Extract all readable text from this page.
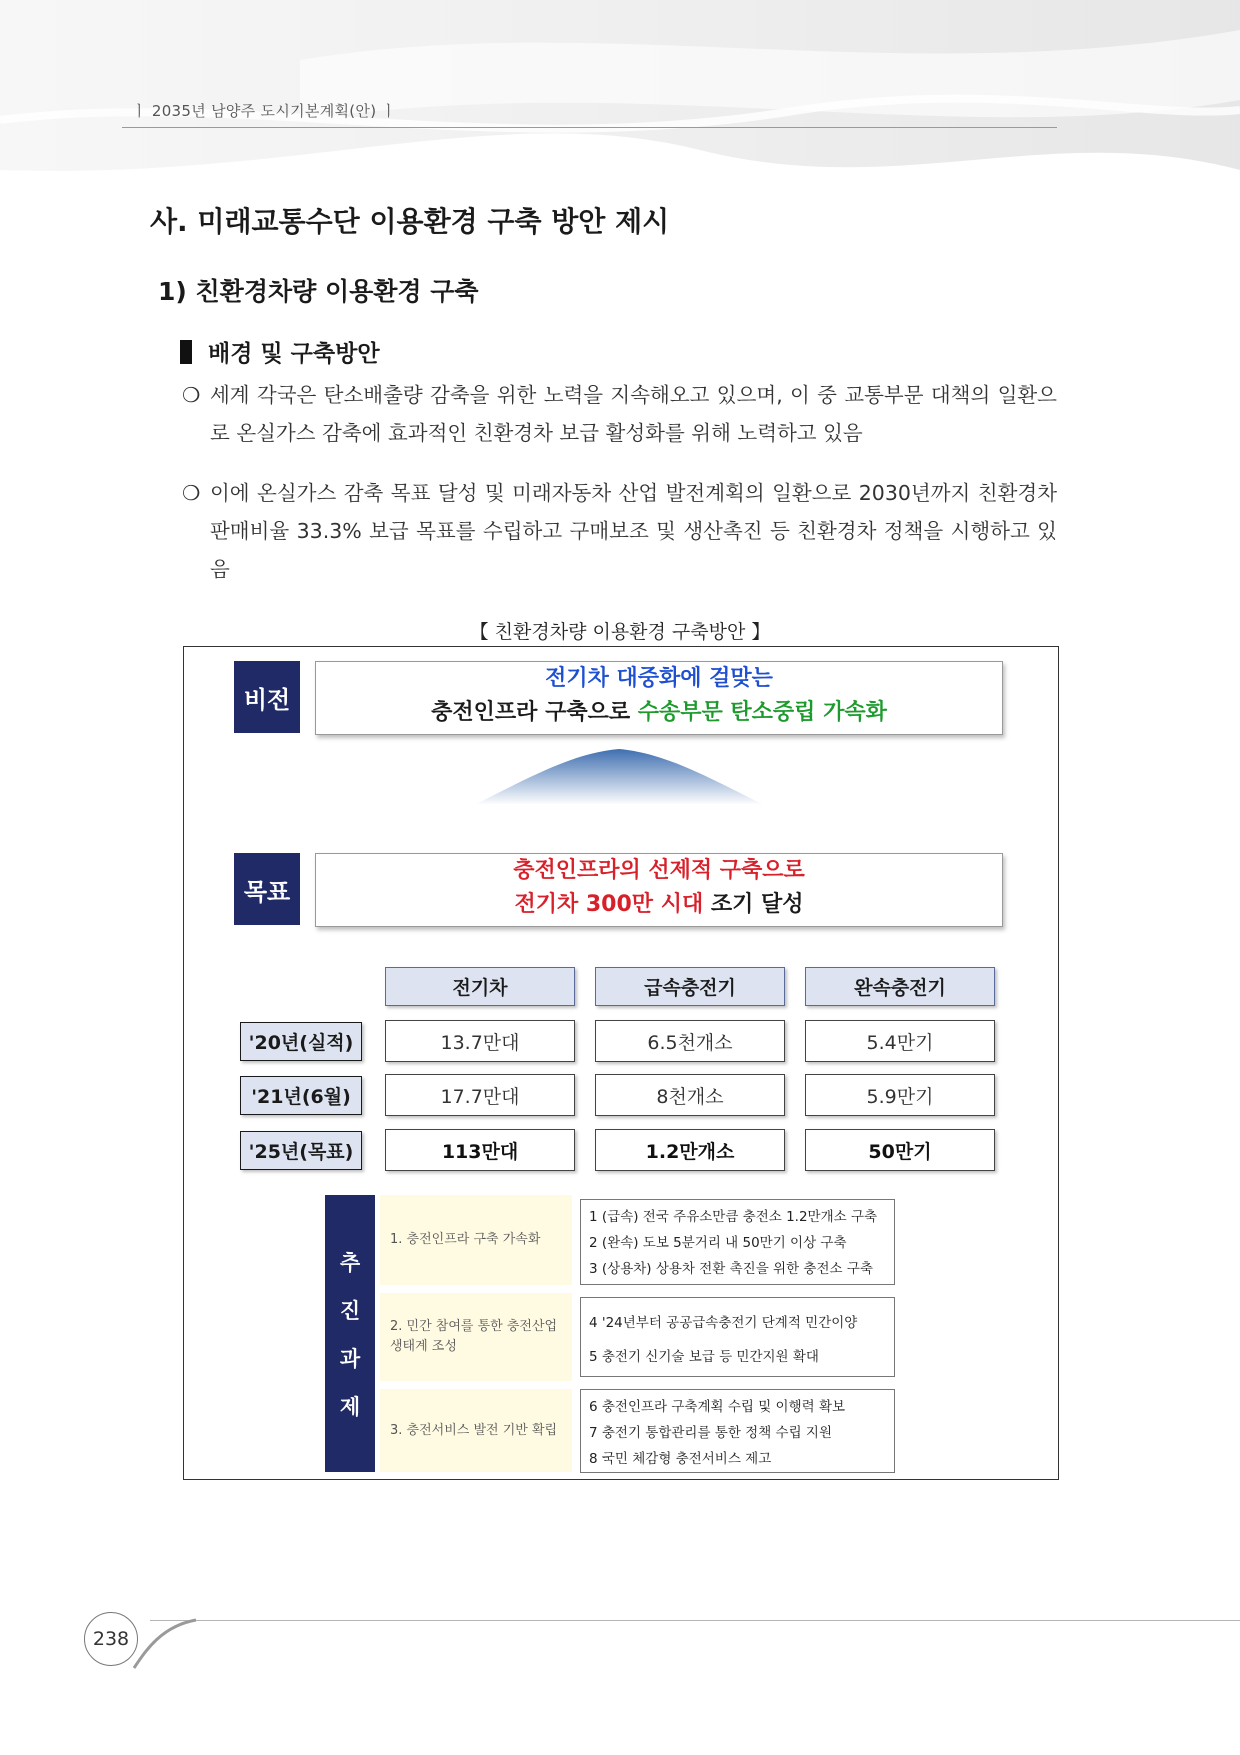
ㅣ 2035년 남양주 도시기본계획(안) ㅣ
사. 미래교통수단 이용환경 구축 방안 제시
1) 친환경차량 이용환경 구축
배경 및 구축방안
❍ 세계 각국은 탄소배출량 감축을 위한 노력을 지속해오고 있으며, 이 중 교통부문 대책의 일환으로 온실가스 감축에 효과적인 친환경차 보급 활성화를 위해 노력하고 있음
❍ 이에 온실가스 감축 목표 달성 및 미래자동차 산업 발전계획의 일환으로 2030년까지 친환경차 판매비율 33.3% 보급 목표를 수립하고 구매보조 및 생산촉진 등 친환경차 정책을 시행하고 있음
【 친환경차량 이용환경 구축방안 】
비전
전기차 대중화에 걸맞는
충전인프라 구축으로 수송부문 탄소중립 가속화
목표
충전인프라의 선제적 구축으로
전기차 300만 시대 조기 달성
전기차	급속충전기	완속충전기
'20년(실적)	13.7만대	6.5천개소	5.4만기
'21년(6월)	17.7만대	8천개소	5.9만기
'25년(목표)	113만대	1.2만개소	50만기
추
진
과
제
1. 충전인프라 구축 가속화
1 (급속) 전국 주유소만큼 충전소 1.2만개소 구축
2 (완속) 도보 5분거리 내 50만기 이상 구축
3 (상용차) 상용차 전환 촉진을 위한 충전소 구축
2. 민간 참여를 통한 충전산업 생태계 조성
4 '24년부터 공공급속충전기 단계적 민간이양
5 충전기 신기술 보급 등 민간지원 확대
3. 충전서비스 발전 기반 확립
6 충전인프라 구축계획 수립 및 이행력 확보
7 충전기 통합관리를 통한 정책 수립 지원
8 국민 체감형 충전서비스 제고
238
